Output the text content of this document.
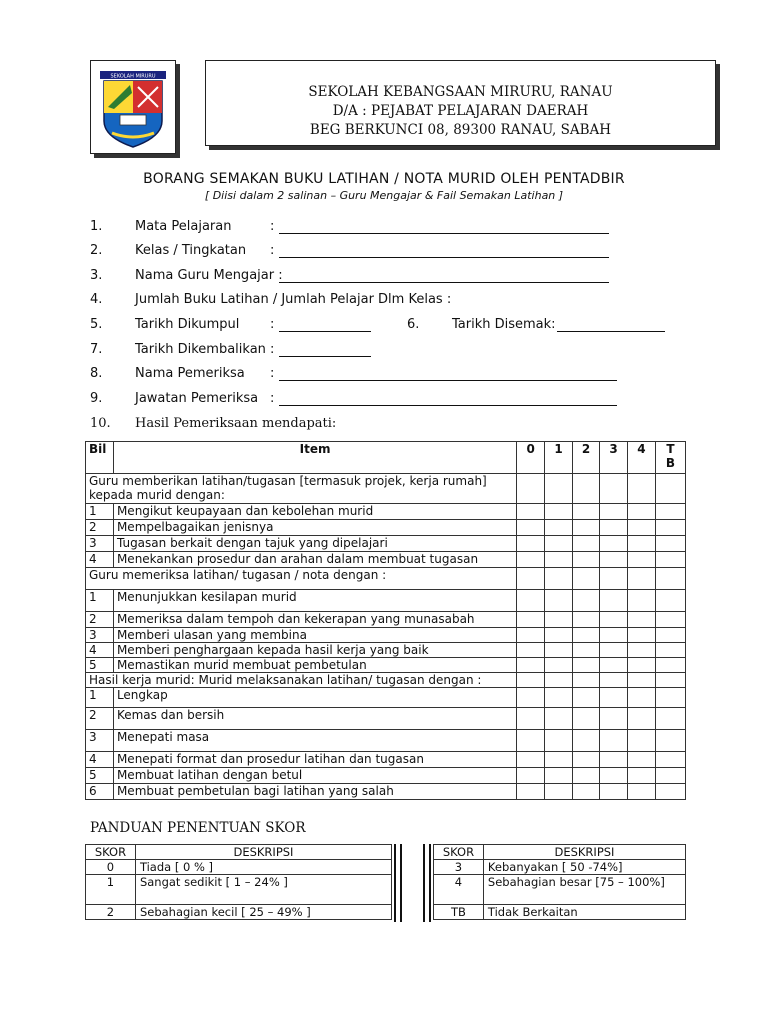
SEKOLAH MIRURU
SEKOLAH KEBANGSAAN MIRURU, RANAU
D/A : PEJABAT PELAJARAN DAERAH
BEG BERKUNCI 08, 89300 RANAU, SABAH
BORANG SEMAKAN BUKU LATIHAN / NOTA MURID OLEH PENTADBIR
[ Diisi dalam 2 salinan – Guru Mengajar & Fail Semakan Latihan ]
1.	Mata Pelajaran	:
2.	Kelas / Tingkatan :
3.	Nama Guru Mengajar :
4.	Jumlah Buku Latihan / Jumlah Pelajar Dlm Kelas :
5.	Tarikh Dikumpul :	6.	Tarikh Disemak:
7.	Tarikh Dikembalikan :
8.	Nama Pemeriksa :
9.	Jawatan Pemeriksa :
10. Hasil Pemeriksaan mendapati:
Bil	Item	0	1	2	3	4	TB
Guru memberikan latihan/tugasan [termasuk projek, kerja rumah] kepada murid dengan:							
1	Mengikut keupayaan dan kebolehan murid						
2	Mempelbagaikan jenisnya						
3	Tugasan berkait dengan tajuk yang dipelajari						
4	Menekankan prosedur dan arahan dalam membuat tugasan						
Guru memeriksa latihan/ tugasan / nota dengan :							
1	Menunjukkan kesilapan murid						
2	Memeriksa dalam tempoh dan kekerapan yang munasabah						
3	Memberi ulasan yang membina						
4	Memberi penghargaan kepada hasil kerja yang baik						
5	Memastikan murid membuat pembetulan						
Hasil kerja murid: Murid melaksanakan latihan/ tugasan dengan :							
1	Lengkap						
2	Kemas dan bersih						
3	Menepati masa						
4	Menepati format dan prosedur latihan dan tugasan						
5	Membuat latihan dengan betul						
6	Membuat pembetulan bagi latihan yang salah						
PANDUAN PENENTUAN SKOR
SKOR	DESKRIPSI
0	Tiada [ 0 % ]
1	Sangat sedikit [ 1 – 24% ]
2	Sebahagian kecil [ 25 – 49% ]
SKOR	DESKRIPSI
3	Kebanyakan [ 50 -74%]
4	Sebahagian besar [75 – 100%]
TB	Tidak Berkaitan
